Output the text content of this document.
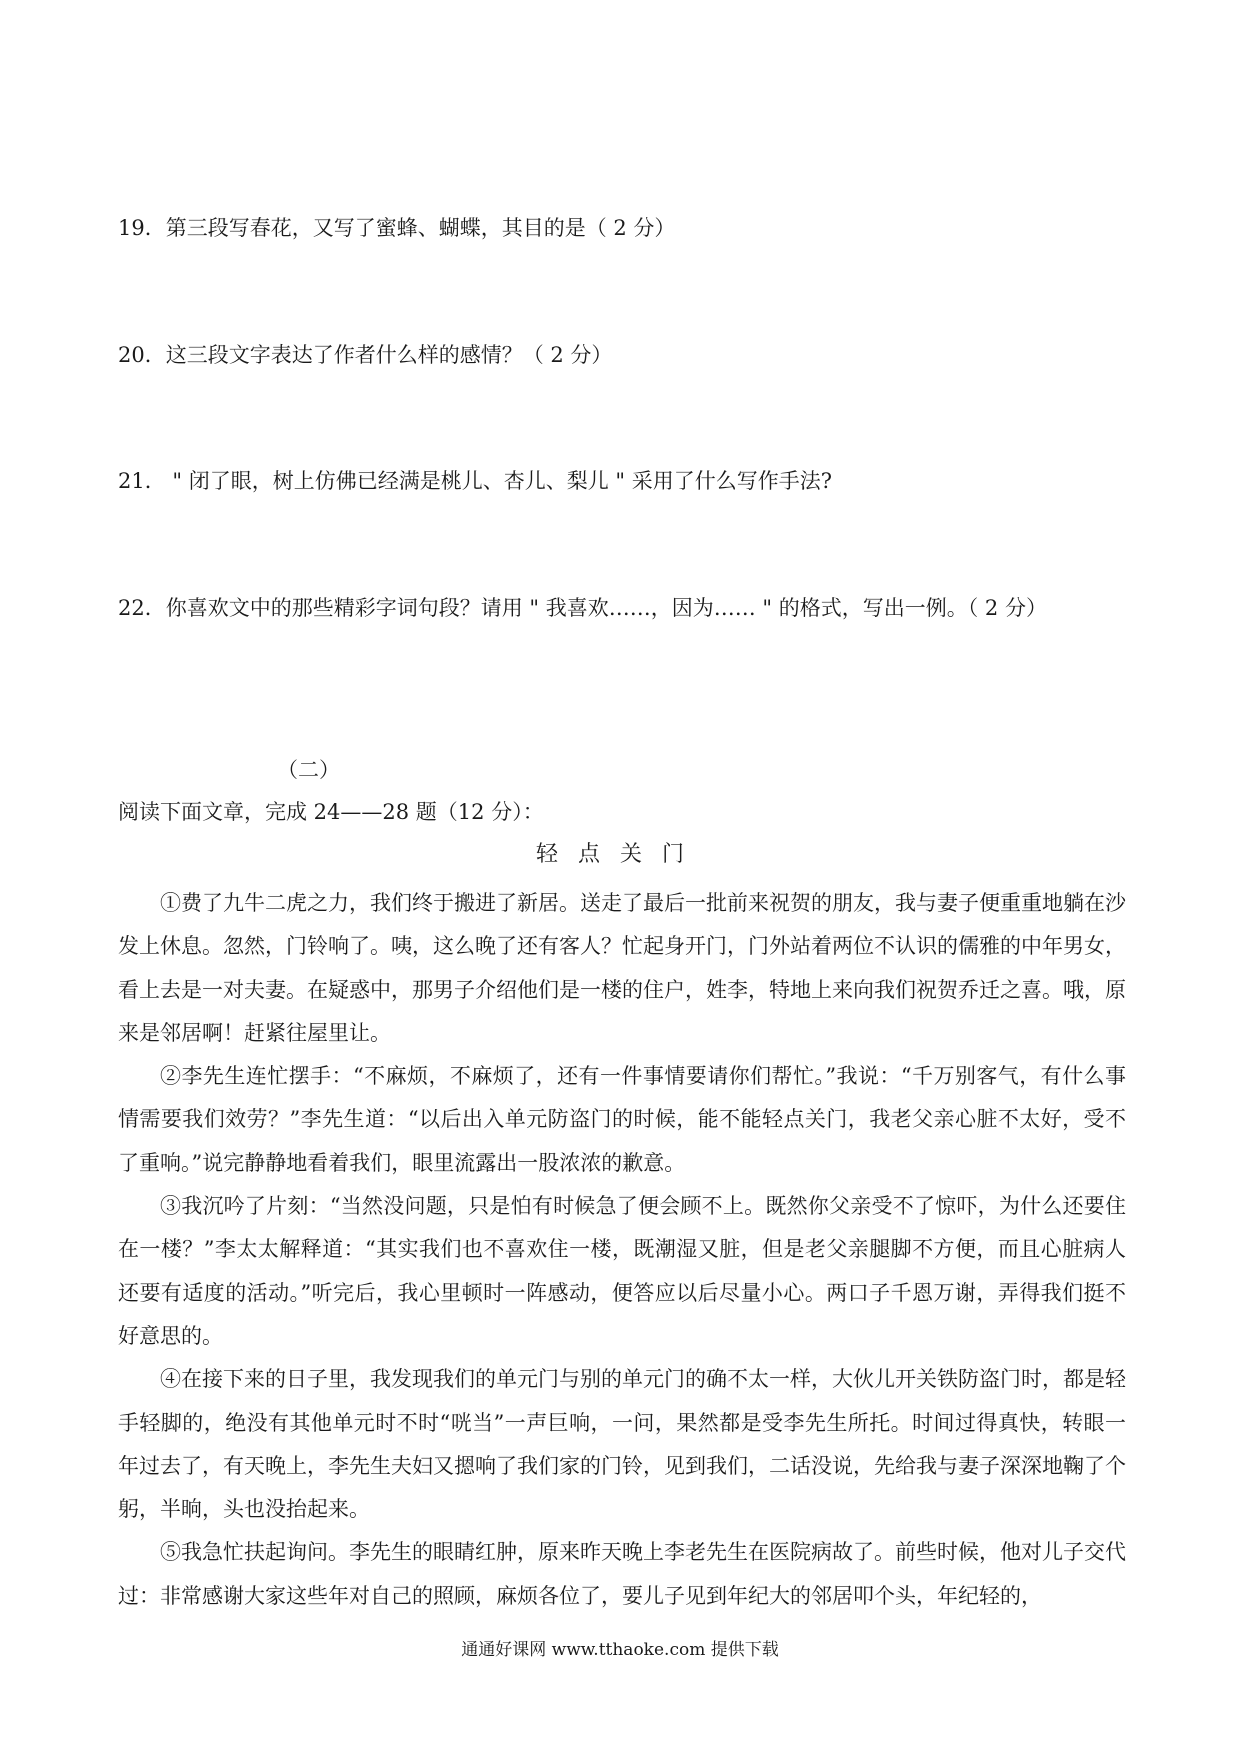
19．第三段写春花，又写了蜜蜂、蝴蝶，其目的是（ 2 分）
20．这三段文字表达了作者什么样的感情？（ 2 分）
21． " 闭了眼，树上仿佛已经满是桃儿、杏儿、梨儿 " 采用了什么写作手法?
22．你喜欢文中的那些精彩字词句段？请用 " 我喜欢……，因为…… " 的格式，写出一例。（ 2 分）
（二）
阅读下面文章，完成 24——28 题（12 分）：
轻点关门

①费了九牛二虎之力，我们终于搬进了新居。送走了最后一批前来祝贺的朋友，我与妻子便重重地躺在沙发上休息。忽然，门铃响了。咦，这么晚了还有客人？忙起身开门，门外站着两位不认识的儒雅的中年男女，看上去是一对夫妻。在疑惑中，那男子介绍他们是一楼的住户，姓李，特地上来向我们祝贺乔迁之喜。哦，原来是邻居啊！赶紧往屋里让。

②李先生连忙摆手：“不麻烦，不麻烦了，还有一件事情要请你们帮忙。”我说：“千万别客气，有什么事情需要我们效劳？”李先生道：“以后出入单元防盗门的时候，能不能轻点关门，我老父亲心脏不太好，受不了重响。”说完静静地看着我们，眼里流露出一股浓浓的歉意。

③我沉吟了片刻：“当然没问题，只是怕有时候急了便会顾不上。既然你父亲受不了惊吓，为什么还要住在一楼？”李太太解释道：“其实我们也不喜欢住一楼，既潮湿又脏，但是老父亲腿脚不方便，而且心脏病人还要有适度的活动。”听完后，我心里顿时一阵感动，便答应以后尽量小心。两口子千恩万谢，弄得我们挺不好意思的。

④在接下来的日子里，我发现我们的单元门与别的单元门的确不太一样，大伙儿开关铁防盗门时，都是轻手轻脚的，绝没有其他单元时不时“咣当”一声巨响，一问，果然都是受李先生所托。时间过得真快，转眼一年过去了，有天晚上，李先生夫妇又摁响了我们家的门铃，见到我们，二话没说，先给我与妻子深深地鞠了个躬，半晌，头也没抬起来。

⑤我急忙扶起询问。李先生的眼睛红肿，原来昨天晚上李老先生在医院病故了。前些时候，他对儿子交代过：非常感谢大家这些年对自己的照顾，麻烦各位了，要儿子见到年纪大的邻居叩个头，年纪轻的，

通通好课网 www.tthaoke.com 提供下载
